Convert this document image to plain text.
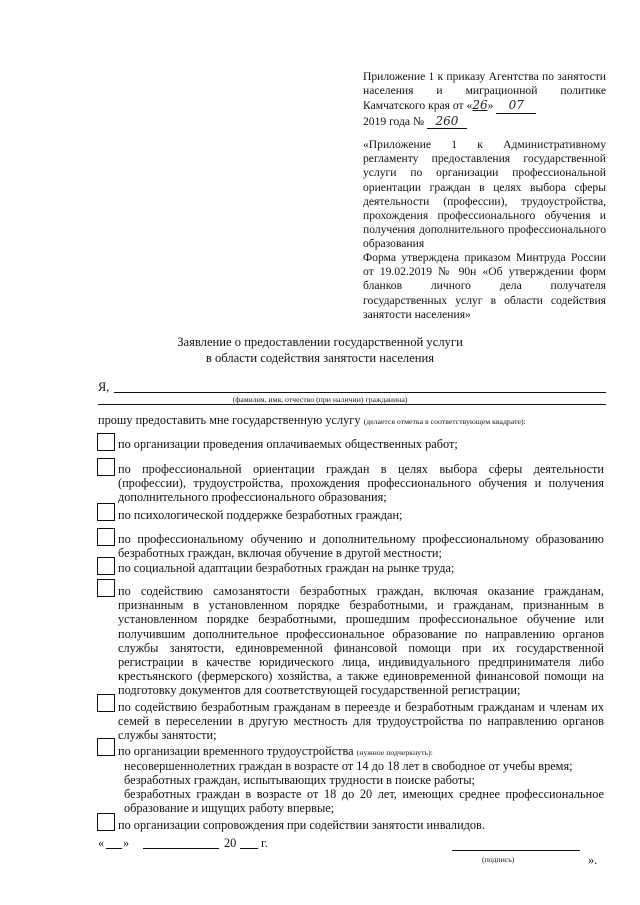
Приложение 1 к приказу Агентства по занятости населения и миграционной политике Камчатского края от «26» 07
2019 года № 260
«Приложение 1 к Административному регламенту предоставления государственной услуги по организации профессиональной ориентации граждан в целях выбора сферы деятельности (профессии), трудоустройства, прохождения профессионального обучения и получения дополнительного профессионального образования
Форма утверждена приказом Минтруда России от 19.02.2019 № 90н «Об утверждении форм бланков личного дела получателя государственных услуг в области содействия занятости населения»
Заявление о предоставлении государственной услуги
в области содействия занятости населения
Я,
(фамилия, имя, отчество (при наличии) гражданина)
прошу предоставить мне государственную услугу (делается отметка в соответствующем квадрате):
по организации проведения оплачиваемых общественных работ;
по профессиональной ориентации граждан в целях выбора сферы деятельности (профессии), трудоустройства, прохождения профессионального обучения и получения дополнительного профессионального образования;
по психологической поддержке безработных граждан;
по профессиональному обучению и дополнительному профессиональному образованию безработных граждан, включая обучение в другой местности;
по социальной адаптации безработных граждан на рынке труда;
по содействию самозанятости безработных граждан, включая оказание гражданам, признанным в установленном порядке безработными, и гражданам, признанным в установленном порядке безработными, прошедшим профессиональное обучение или получившим дополнительное профессиональное образование по направлению органов службы занятости, единовременной финансовой помощи при их государственной регистрации в качестве юридического лица, индивидуального предпринимателя либо крестьянского (фермерского) хозяйства, а также единовременной финансовой помощи на подготовку документов для соответствующей государственной регистрации;
по содействию безработным гражданам в переезде и безработным гражданам и членам их семей в переселении в другую местность для трудоустройства по направлению органов службы занятости;
по организации временного трудоустройства (нужное подчеркнуть):
несовершеннолетних граждан в возрасте от 14 до 18 лет в свободное от учебы время;
безработных граждан, испытывающих трудности в поиске работы;
безработных граждан в возрасте от 18 до 20 лет, имеющих среднее профессиональное образование и ищущих работу впервые;
по организации сопровождения при содействии занятости инвалидов.
« »	20 г.
(подпись)	».
